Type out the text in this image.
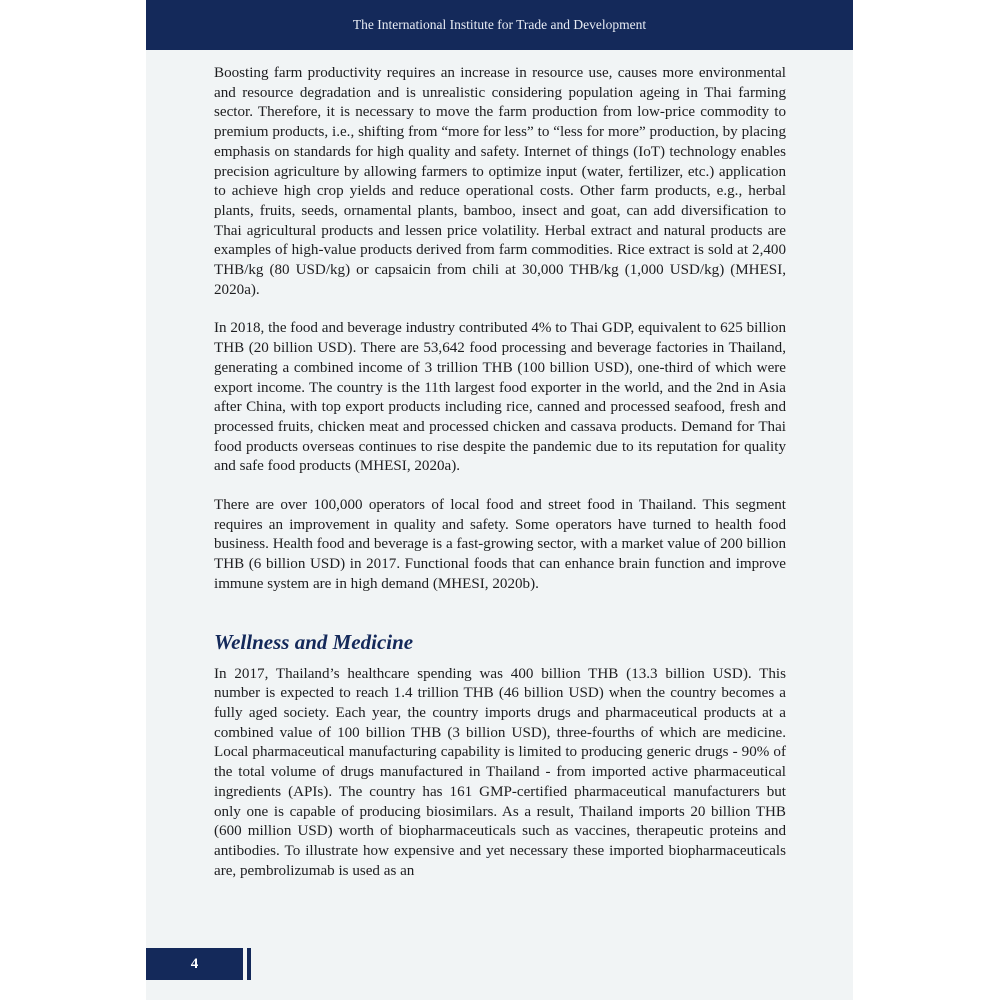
The International Institute for Trade and Development

Boosting farm productivity requires an increase in resource use, causes more environmental and resource degradation and is unrealistic considering population ageing in Thai farming sector. Therefore, it is necessary to move the farm production from low-price commodity to premium products, i.e., shifting from “more for less” to “less for more” production, by placing emphasis on standards for high quality and safety. Internet of things (IoT) technology enables precision agriculture by allowing farmers to optimize input (water, fertilizer, etc.) application to achieve high crop yields and reduce operational costs. Other farm products, e.g., herbal plants, fruits, seeds, ornamental plants, bamboo, insect and goat, can add diversification to Thai agricultural products and lessen price volatility. Herbal extract and natural products are examples of high-value products derived from farm commodities. Rice extract is sold at 2,400 THB/kg (80 USD/kg) or capsaicin from chili at 30,000 THB/kg (1,000 USD/kg) (MHESI, 2020a).

In 2018, the food and beverage industry contributed 4% to Thai GDP, equivalent to 625 billion THB (20 billion USD). There are 53,642 food processing and beverage factories in Thailand, generating a combined income of 3 trillion THB (100 billion USD), one-third of which were export income. The country is the 11th largest food exporter in the world, and the 2nd in Asia after China, with top export products including rice, canned and processed seafood, fresh and processed fruits, chicken meat and processed chicken and cassava products. Demand for Thai food products overseas continues to rise despite the pandemic due to its reputation for quality and safe food products (MHESI, 2020a).

There are over 100,000 operators of local food and street food in Thailand. This segment requires an improvement in quality and safety. Some operators have turned to health food business. Health food and beverage is a fast-growing sector, with a market value of 200 billion THB (6 billion USD) in 2017. Functional foods that can enhance brain function and improve immune system are in high demand (MHESI, 2020b).

Wellness and Medicine

In 2017, Thailand’s healthcare spending was 400 billion THB (13.3 billion USD). This number is expected to reach 1.4 trillion THB (46 billion USD) when the country becomes a fully aged society. Each year, the country imports drugs and pharmaceutical products at a combined value of 100 billion THB (3 billion USD), three-fourths of which are medicine. Local pharmaceutical manufacturing capability is limited to producing generic drugs - 90% of the total volume of drugs manufactured in Thailand - from imported active pharmaceutical ingredients (APIs). The country has 161 GMP-certified pharmaceutical manufacturers but only one is capable of producing biosimilars. As a result, Thailand imports 20 billion THB (600 million USD) worth of biopharmaceuticals such as vaccines, therapeutic proteins and antibodies. To illustrate how expensive and yet necessary these imported biopharmaceuticals are, pembrolizumab is used as an

4
